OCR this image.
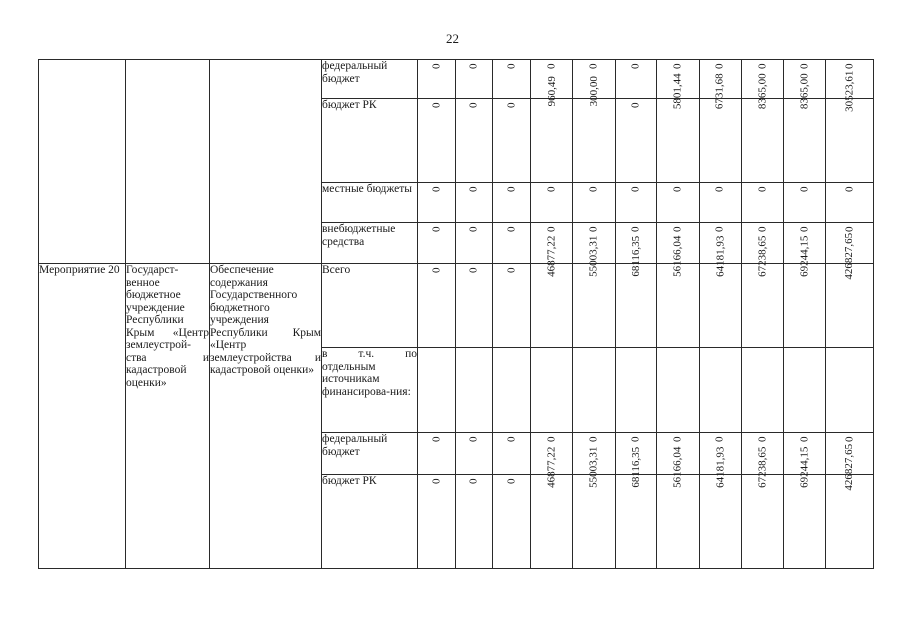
22
			федеральный бюджет	0	0	0	0	0	0	0	0	0	0	0
			бюджет РК	0	0	0	960,49	300,00	0	5801,44	6731,68	8365,00	8365,00	30523,61
			местные бюджеты	0	0	0	0	0	0	0	0	0	0	0
			внебюджетные средства	0	0	0	0	0	0	0	0	0	0	0
Мероприятие 20	Государст-венное бюджетное учреждение Республики Крым «Центр землеустрой-ства и кадастровой оценки»	Обеспечение содержания Государственного бюджетного учреждения Республики Крым «Центр землеустройства и кадастровой оценки»	Всего	0	0	0	46877,22	55003,31	68116,35	56166,04	64181,93	67238,65	69244,15	426827,65
			в т.ч. по отдельным источникам финансирова-ния:											
			федеральный бюджет	0	0	0	0	0	0	0	0	0	0	0
			бюджет РК	0	0	0	46877,22	55003,31	68116,35	56166,04	64181,93	67238,65	69244,15	426827,65
